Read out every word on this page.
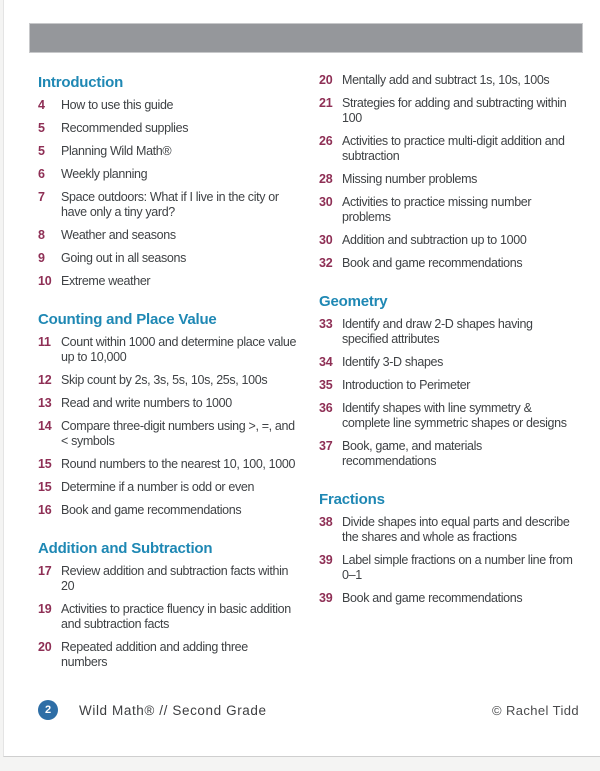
Introduction
4	How to use this guide
5	Recommended supplies
5	Planning Wild Math®
6	Weekly planning
7	Space outdoors: What if I live in the city or have only a tiny yard?
8	Weather and seasons
9	Going out in all seasons
10 Extreme weather
Counting and Place Value
11 Count within 1000 and determine place value up to 10,000
12 Skip count by 2s, 3s, 5s, 10s, 25s, 100s
13 Read and write numbers to 1000
14 Compare three-digit numbers using >, =, and < symbols
15 Round numbers to the nearest 10, 100, 1000
15 Determine if a number is odd or even
16 Book and game recommendations
Addition and Subtraction
17 Review addition and subtraction facts within 20
19 Activities to practice fluency in basic addition and subtraction facts
20 Repeated addition and adding three numbers
20 Mentally add and subtract 1s, 10s, 100s
21 Strategies for adding and subtracting within 100
26 Activities to practice multi-digit addition and subtraction
28 Missing number problems
30 Activities to practice missing number problems
30 Addition and subtraction up to 1000
32 Book and game recommendations
Geometry
33 Identify and draw 2-D shapes having specified attributes
34 Identify 3-D shapes
35 Introduction to Perimeter
36 Identify shapes with line symmetry & complete line symmetric shapes or designs
37 Book, game, and materials recommendations
Fractions
38 Divide shapes into equal parts and describe the shares and whole as fractions
39 Label simple fractions on a number line from 0–1
39 Book and game recommendations
2 Wild Math® // Second Grade	© Rachel Tidd
